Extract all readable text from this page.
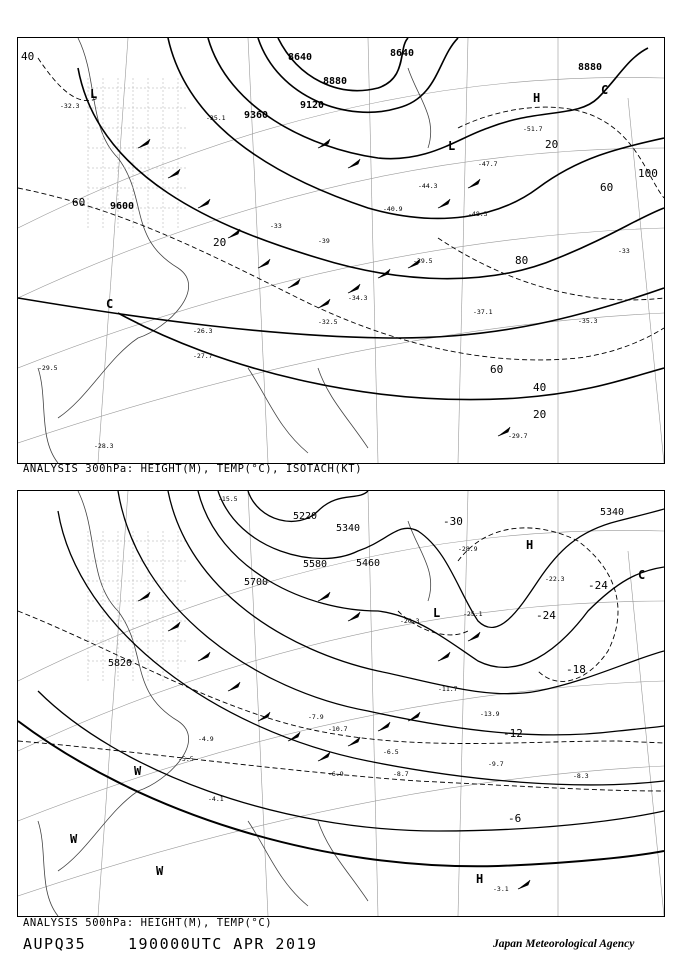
8640	8640
8880
8880
9120
9360
9600
40
20
60
80
100
60
40
20
20
60
L
L
H
C
C
-32.3
-35.1
-33
-37.1
-39
-34.3
-32.5
-29.7
-28.3
-27.7
-26.3
-29.5
-47.7
-51.7
-44.3
-48.3
-40.9
-39.5
-35.3
-33
ANALYSIS 300hPa: HEIGHT(M), TEMP(°C), ISOTACH(KT)
5220
5340
5340
5460
5580
5700
5820
-30
-24
-24
-18
-12
-6
L
H
W
W
W
H
C
-15.5
-7.9
-5.5
-9.7
-8.3
-8.7
-6.5
-4.9
-4.1
-3.1
-6.9
-10.7
-13.9
-25.1
-22.3
-28.9
-20.3
-11.7
ANALYSIS 500hPa: HEIGHT(M), TEMP(°C)
AUPQ35	190000UTC APR 2019	Japan Meteorological Agency
